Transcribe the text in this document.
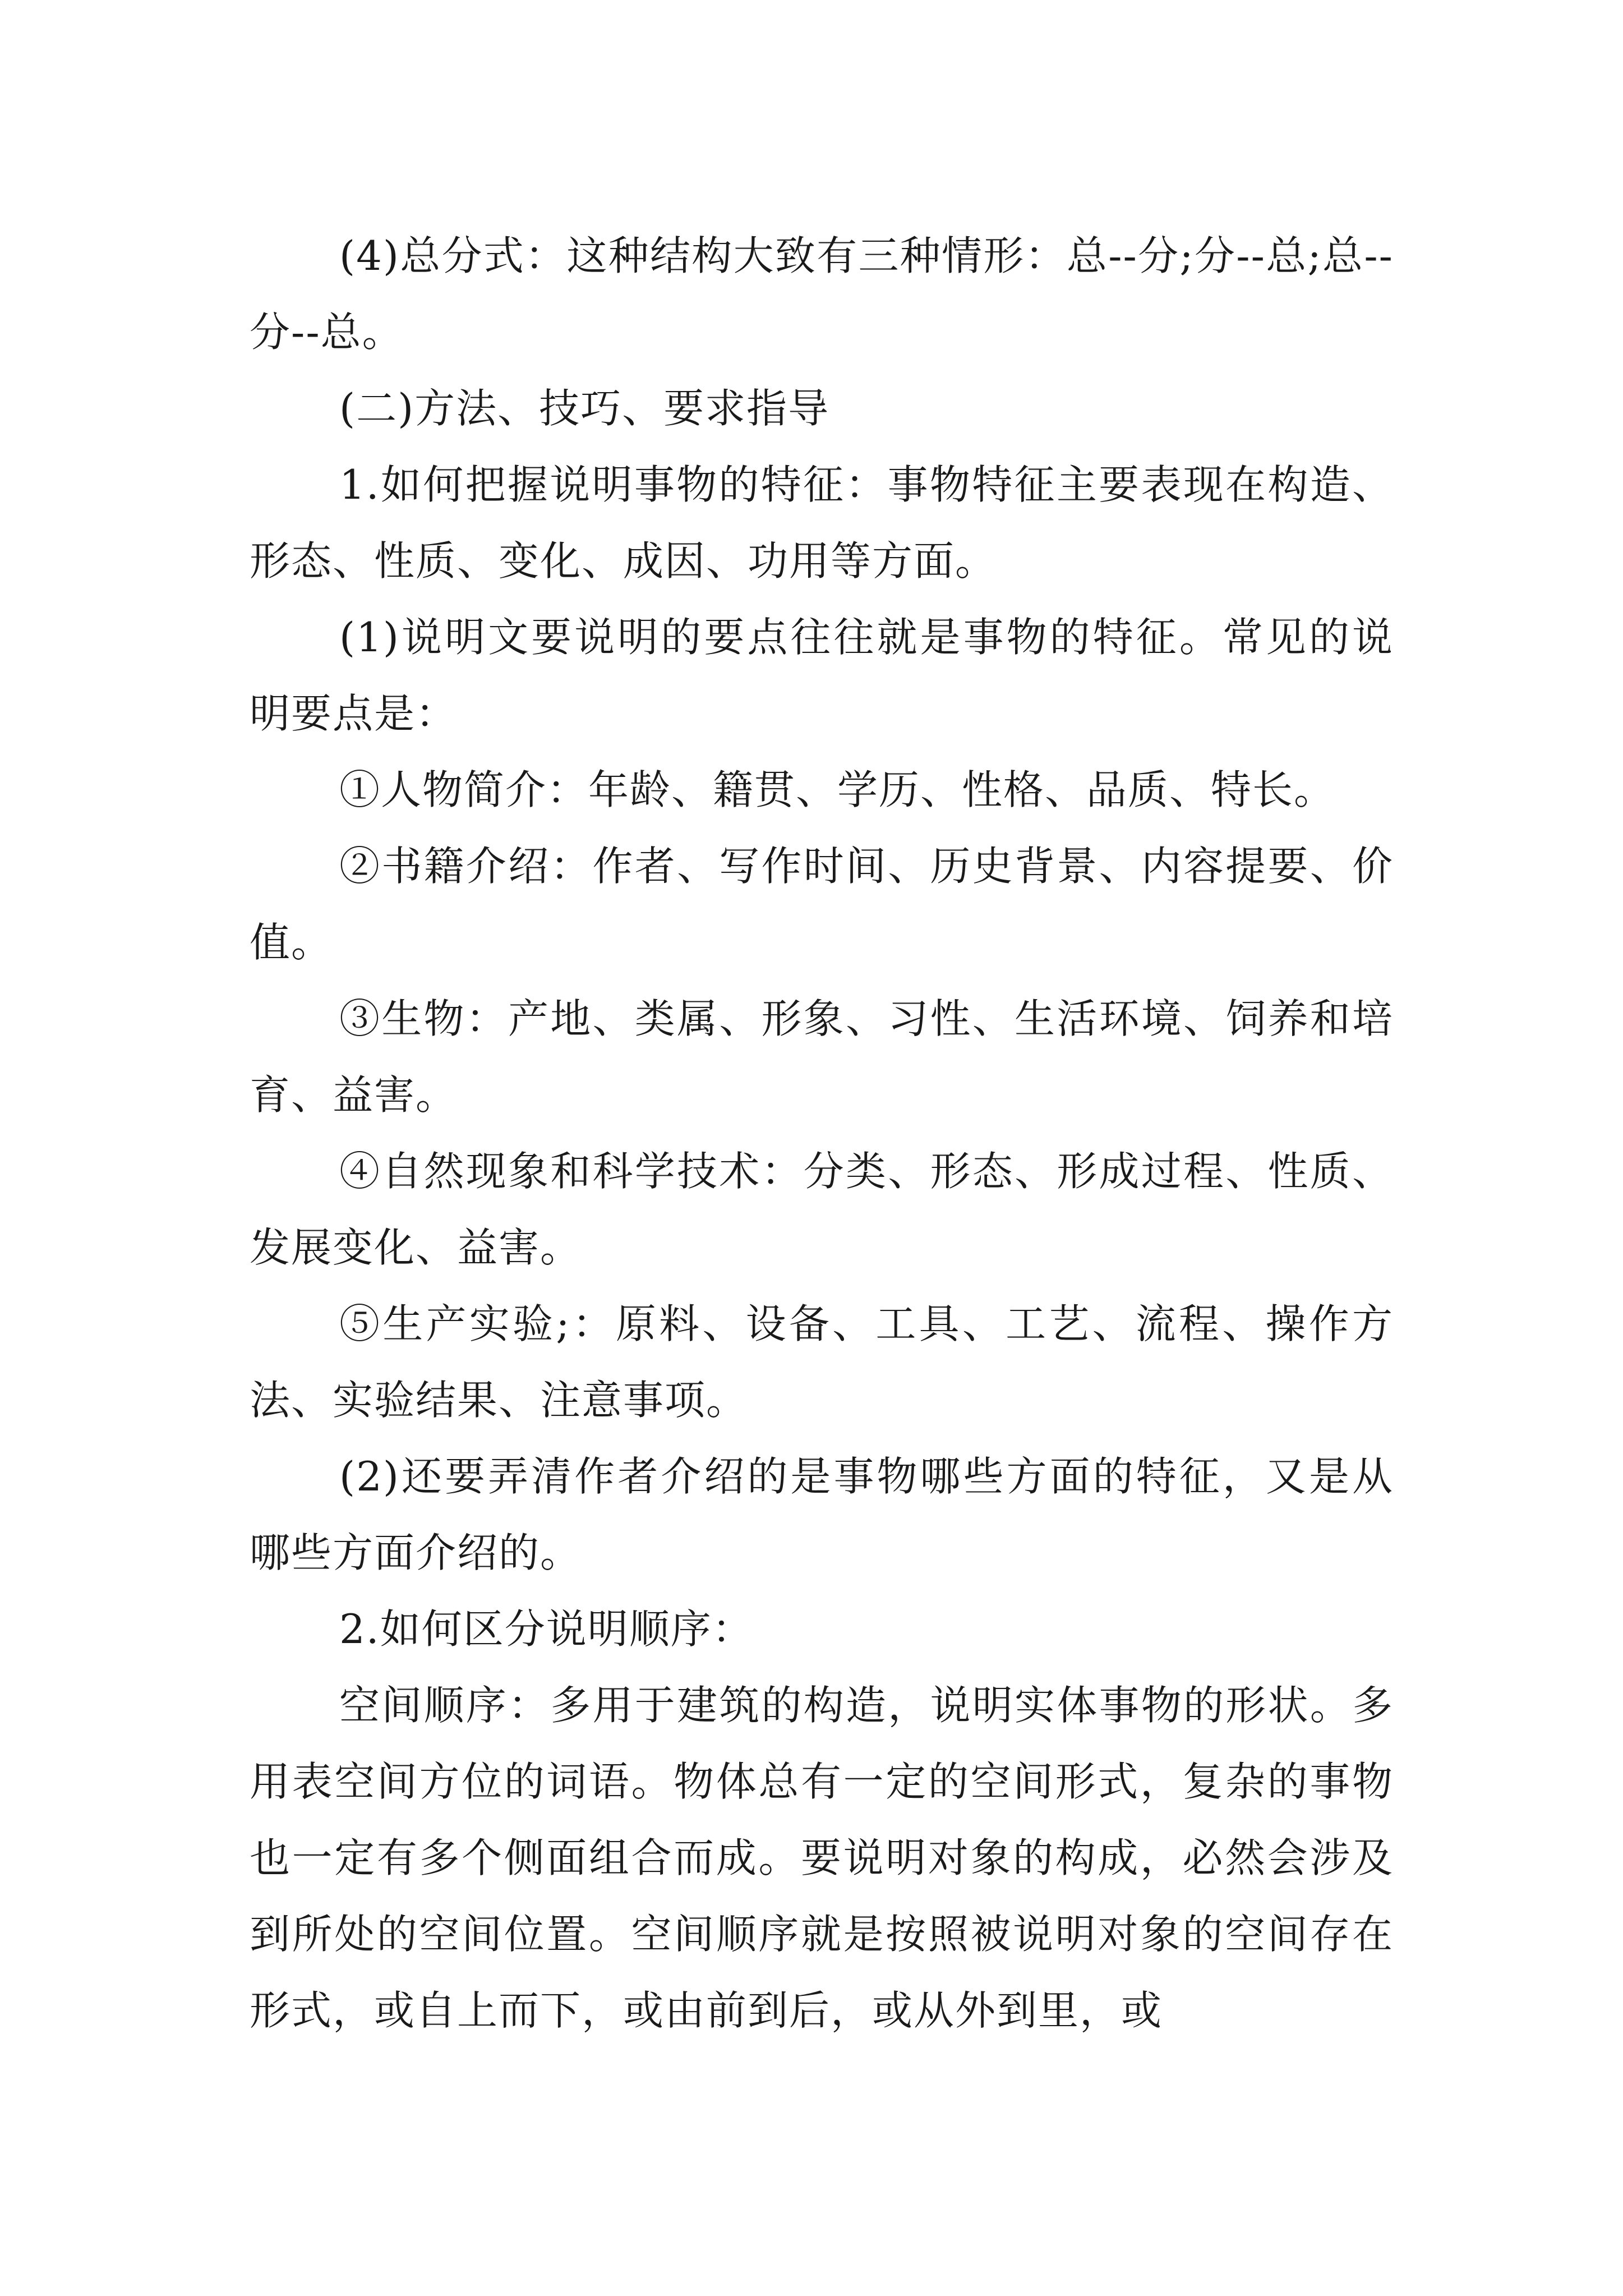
(4)总分式：这种结构大致有三种情形：总--分;分--总;总--分--总。

(二)方法、技巧、要求指导

1.如何把握说明事物的特征：事物特征主要表现在构造、形态、性质、变化、成因、功用等方面。

(1)说明文要说明的要点往往就是事物的特征。常见的说明要点是：

①人物简介：年龄、籍贯、学历、性格、品质、特长。

②书籍介绍：作者、写作时间、历史背景、内容提要、价值。

③生物：产地、类属、形象、习性、生活环境、饲养和培育、益害。

④自然现象和科学技术：分类、形态、形成过程、性质、发展变化、益害。

⑤生产实验;：原料、设备、工具、工艺、流程、操作方法、实验结果、注意事项。

(2)还要弄清作者介绍的是事物哪些方面的特征，又是从哪些方面介绍的。

2.如何区分说明顺序：

空间顺序：多用于建筑的构造，说明实体事物的形状。多用表空间方位的词语。物体总有一定的空间形式，复杂的事物也一定有多个侧面组合而成。要说明对象的构成，必然会涉及到所处的空间位置。空间顺序就是按照被说明对象的空间存在形式，或自上而下，或由前到后，或从外到里，或
